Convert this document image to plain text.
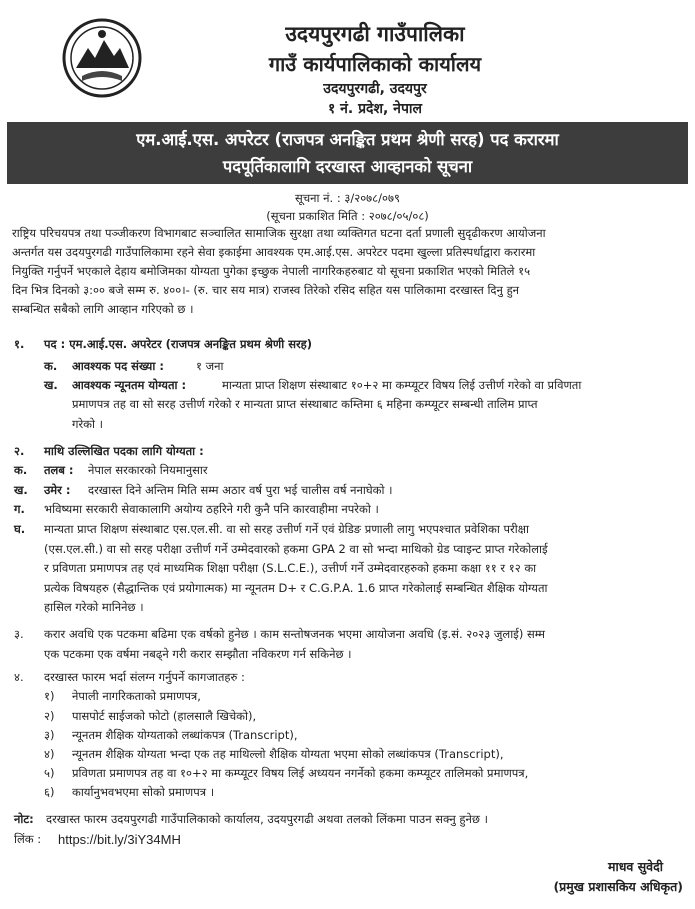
उदयपुरगढी गाउँपालिका
गाउँ कार्यपालिकाको कार्यालय
उदयपुरगढी, उदयपुर
१ नं. प्रदेश, नेपाल
एम.आई.एस. अपरेटर (राजपत्र अनङ्कित प्रथम श्रेणी सरह) पद करारमा
पदपूर्तिकालागि दरखास्त आव्हानको सूचना
सूचना नं. : ३/२०७८/०७९
(सूचना प्रकाशित मिति : २०७८/०५/०८)
राष्ट्रिय परिचयपत्र तथा पञ्जीकरण विभागबाट सञ्चालित सामाजिक सुरक्षा तथा व्यक्तिगत घटना दर्ता प्रणाली सुदृढीकरण आयोजना
अन्तर्गत यस उदयपुरगढी गाउँपालिकामा रहने सेवा इकाईमा आवश्यक एम.आई.एस. अपरेटर पदमा खुल्ला प्रतिस्पर्धाद्वारा करारमा
नियुक्ति गर्नुपर्ने भएकाले देहाय बमोजिमका योग्यता पुगेका इच्छुक नेपाली नागरिकहरुबाट यो सूचना प्रकाशित भएको मितिले १५
दिन भित्र दिनको ३:०० बजे सम्म रु. ४००।- (रु. चार सय मात्र) राजस्व तिरेको रसिद सहित यस पालिकामा दरखास्त दिनु हुन
सम्बन्धित सबैको लागि आव्हान गरिएको छ ।
१. पद : एम.आई.एस. अपरेटर (राजपत्र अनङ्कित प्रथम श्रेणी सरह)
क. आवश्यक पद संख्या :	१ जना
ख. आवश्यक न्यूनतम योग्यता :	मान्यता प्राप्त शिक्षण संस्थाबाट १०+२ मा कम्प्यूटर विषय लिई उत्तीर्ण गरेको वा प्रविणता
प्रमाणपत्र तह वा सो सरह उत्तीर्ण गरेको र मान्यता प्राप्त संस्थाबाट कम्तिमा ६ महिना कम्प्यूटर सम्बन्धी तालिम प्राप्त
गरेको ।
२. माथि उल्लिखित पदका लागि योग्यता :
क. तलब : नेपाल सरकारको नियमानुसार
ख. उमेर : दरखास्त दिने अन्तिम मिति सम्म अठार वर्ष पुरा भई चालीस वर्ष ननाघेको ।
ग. भविष्यमा सरकारी सेवाकालागि अयोग्य ठहरिने गरी कुनै पनि कारवाहीमा नपरेको ।
घ. मान्यता प्राप्त शिक्षण संस्थाबाट एस.एल.सी. वा सो सरह उत्तीर्ण गर्ने एवं ग्रेडिङ प्रणाली लागु भएपश्चात प्रवेशिका परीक्षा
(एस.एल.सी.) वा सो सरह परीक्षा उत्तीर्ण गर्ने उम्मेदवारको हकमा GPA 2 वा सो भन्दा माथिको ग्रेड प्वाइन्ट प्राप्त गरेकोलाई
र प्रविणता प्रमाणपत्र तह एवं माध्यमिक शिक्षा परीक्षा (S.L.C.E.), उत्तीर्ण गर्ने उम्मेदवारहरुको हकमा कक्षा ११ र १२ का
प्रत्येक विषयहरु (सैद्धान्तिक एवं प्रयोगात्मक) मा न्यूनतम D+ र C.G.P.A. 1.6 प्राप्त गरेकोलाई सम्बन्धित शैक्षिक योग्यता
हासिल गरेको मानिनेछ ।
३. करार अवधि एक पटकमा बढिमा एक वर्षको हुनेछ । काम सन्तोषजनक भएमा आयोजना अवधि (इ.सं. २०२३ जुलाई) सम्म
एक पटकमा एक वर्षमा नबढ्ने गरी करार सम्झौता नविकरण गर्न सकिनेछ ।
४. दरखास्त फारम भर्दा संलग्न गर्नुपर्ने कागजातहरु :
१) नेपाली नागरिकताको प्रमाणपत्र,
२) पासपोर्ट साईजको फोटो (हालसालै खिचेको),
३) न्यूनतम शैक्षिक योग्यताको लब्धांकपत्र (Transcript),
४) न्यूनतम शैक्षिक योग्यता भन्दा एक तह माथिल्लो शैक्षिक योग्यता भएमा सोको लब्धांकपत्र (Transcript),
५) प्रविणता प्रमाणपत्र तह वा १०+२ मा कम्प्यूटर विषय लिई अध्ययन नगर्नेको हकमा कम्प्यूटर तालिमको प्रमाणपत्र,
६) कार्यानुभवभएमा सोको प्रमाणपत्र ।
नोट: दरखास्त फारम उदयपुरगढी गाउँपालिकाको कार्यालय, उदयपुरगढी अथवा तलको लिंकमा पाउन सक्नु हुनेछ ।
लिंक : https://bit.ly/3iY34MH
माधव सुवेदी
(प्रमुख प्रशासकिय अधिकृत)
